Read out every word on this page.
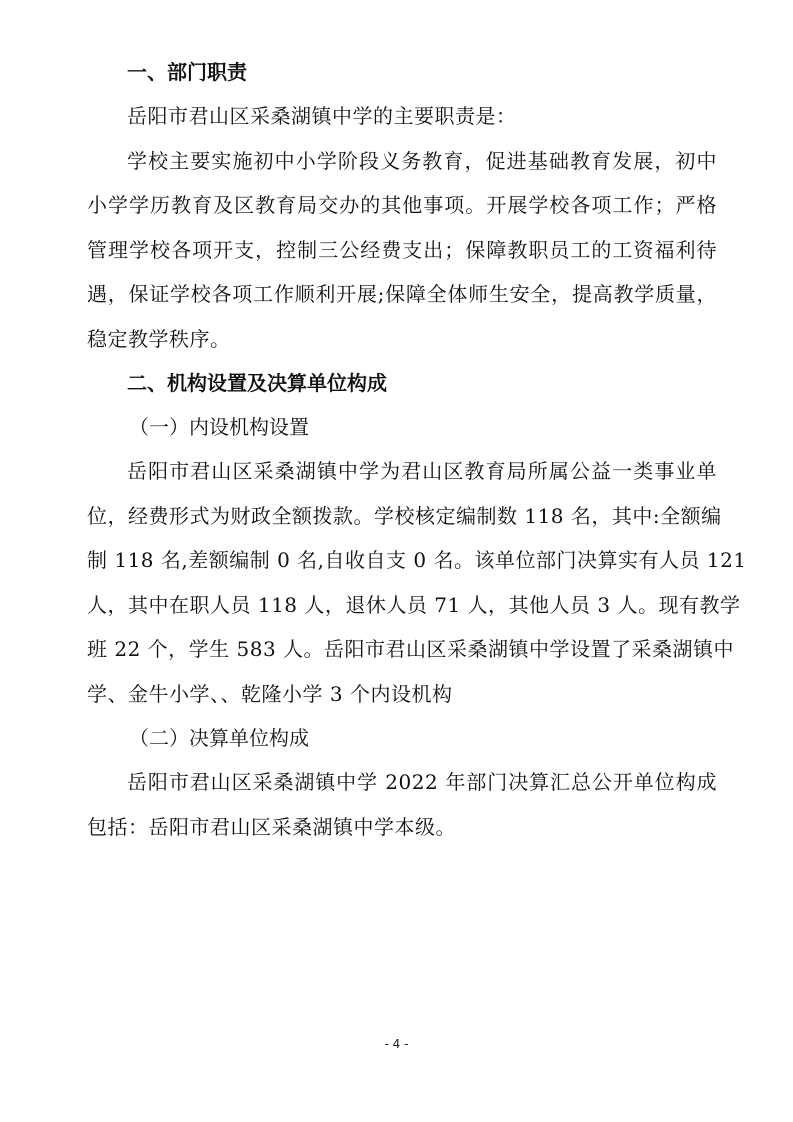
一、部门职责

岳阳市君山区采桑湖镇中学的主要职责是：

学校主要实施初中小学阶段义务教育，促进基础教育发展，初中
小学学历教育及区教育局交办的其他事项。开展学校各项工作；严格
管理学校各项开支，控制三公经费支出；保障教职员工的工资福利待
遇，保证学校各项工作顺利开展;保障全体师生安全，提高教学质量，
稳定教学秩序。

二、机构设置及决算单位构成

（一）内设机构设置

岳阳市君山区采桑湖镇中学为君山区教育局所属公益一类事业单
位，经费形式为财政全额拨款。学校核定编制数 118 名，其中:全额编
制 118 名,差额编制 0 名,自收自支 0 名。该单位部门决算实有人员 121
人，其中在职人员 118 人，退休人员 71 人，其他人员 3 人。现有教学
班 22 个，学生 583 人。岳阳市君山区采桑湖镇中学设置了采桑湖镇中
学、金牛小学、、乾隆小学 3 个内设机构

（二）决算单位构成

岳阳市君山区采桑湖镇中学 2022 年部门决算汇总公开单位构成
包括：岳阳市君山区采桑湖镇中学本级。

- 4 -
